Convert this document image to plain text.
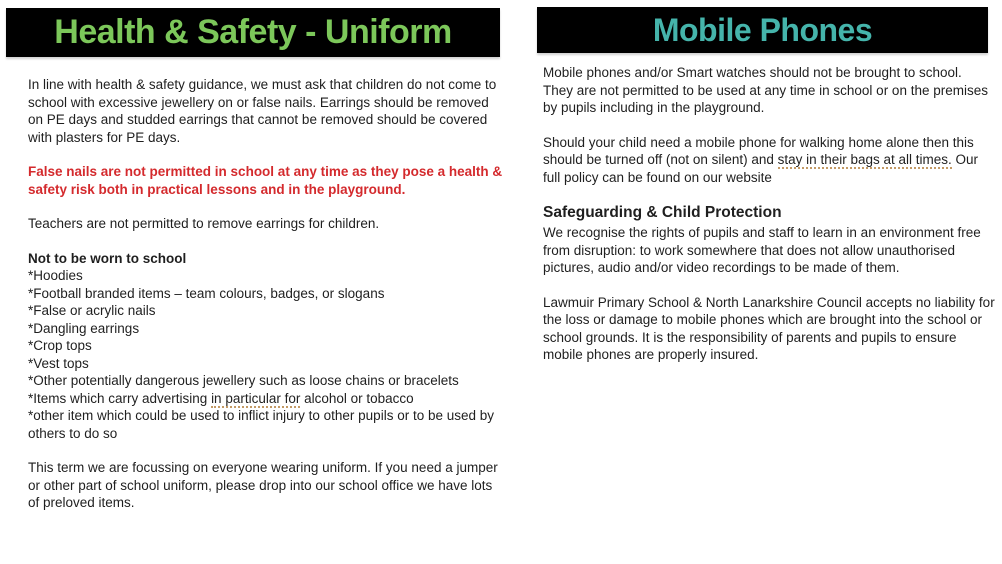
Health & Safety - Uniform	Mobile Phones

In line with health & safety guidance, we must ask that children do not come to school with excessive jewellery on or false nails. Earrings should be removed on PE days and studded earrings that cannot be removed should be covered with plasters for PE days.

False nails are not permitted in school at any time as they pose a health & safety risk both in practical lessons and in the playground.

Teachers are not permitted to remove earrings for children.

Not to be worn to school
*Hoodies
*Football branded items – team colours, badges, or slogans
*False or acrylic nails
*Dangling earrings
*Crop tops
*Vest tops
*Other potentially dangerous jewellery such as loose chains or bracelets
*Items which carry advertising in particular for alcohol or tobacco
*other item which could be used to inflict injury to other pupils or to be used by others to do so

This term we are focussing on everyone wearing uniform. If you need a jumper or other part of school uniform, please drop into our school office we have lots of preloved items.

Mobile phones and/or Smart watches should not be brought to school. They are not permitted to be used at any time in school or on the premises by pupils including in the playground.

Should your child need a mobile phone for walking home alone then this should be turned off (not on silent) and stay in their bags at all times. Our full policy can be found on our website

Safeguarding & Child Protection

We recognise the rights of pupils and staff to learn in an environment free from disruption: to work somewhere that does not allow unauthorised pictures, audio and/or video recordings to be made of them.

Lawmuir Primary School & North Lanarkshire Council accepts no liability for the loss or damage to mobile phones which are brought into the school or school grounds. It is the responsibility of parents and pupils to ensure mobile phones are properly insured.
